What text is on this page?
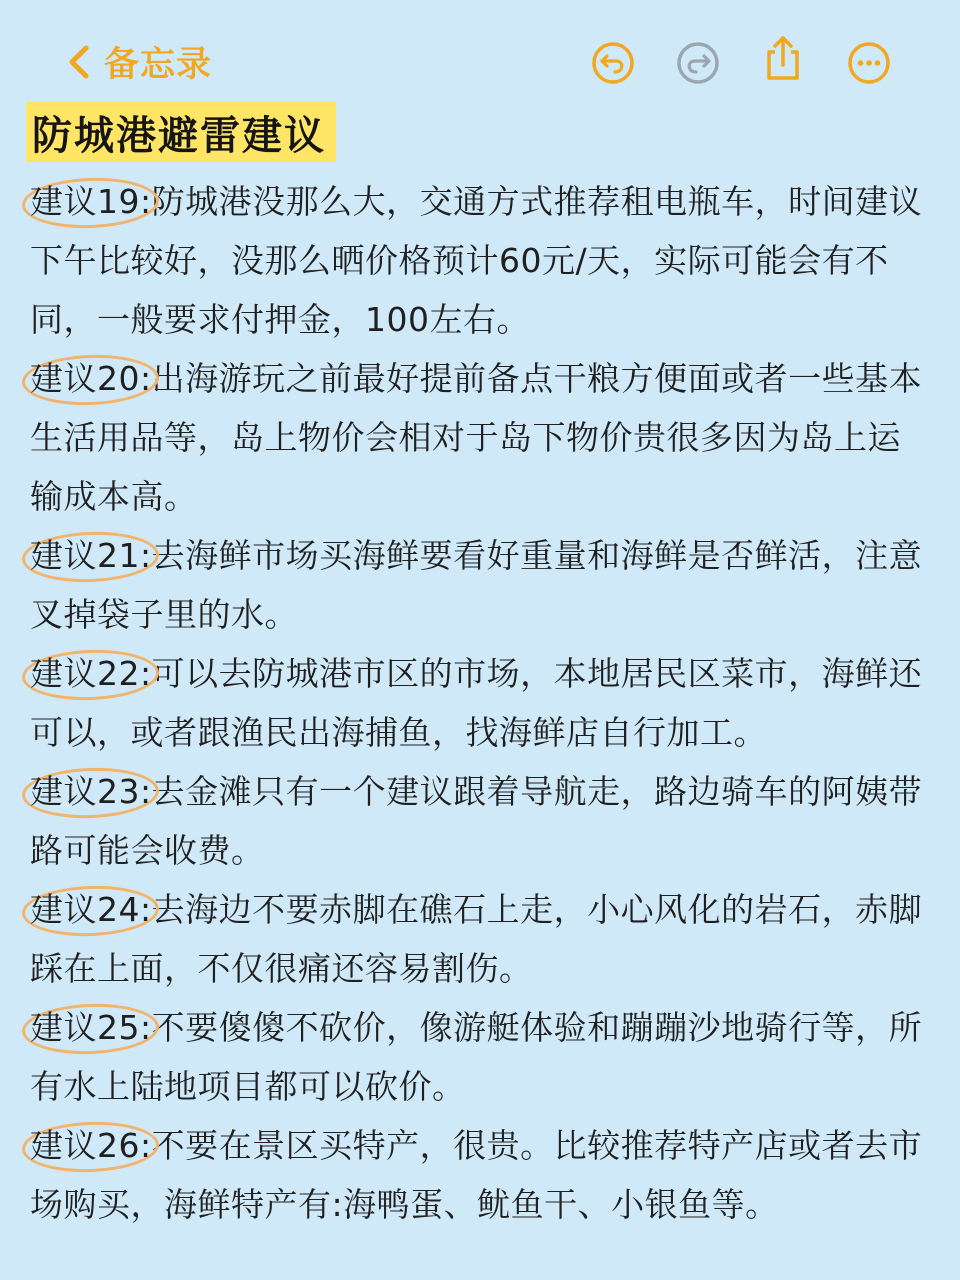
备忘录
防城港避雷建议

建议19:防城港没那么大，交通方式推荐租电瓶车，时间建议下午比较好，没那么晒价格预计60元/天，实际可能会有不同，一般要求付押金，100左右。

建议20:出海游玩之前最好提前备点干粮方便面或者一些基本生活用品等，岛上物价会相对于岛下物价贵很多因为岛上运输成本高。

建议21:去海鲜市场买海鲜要看好重量和海鲜是否鲜活，注意叉掉袋子里的水。

建议22:可以去防城港市区的市场，本地居民区菜市，海鲜还可以，或者跟渔民出海捕鱼，找海鲜店自行加工。

建议23:去金滩只有一个建议跟着导航走，路边骑车的阿姨带路可能会收费。

建议24:去海边不要赤脚在礁石上走，小心风化的岩石，赤脚踩在上面，不仅很痛还容易割伤。

建议25:不要傻傻不砍价，像游艇体验和蹦蹦沙地骑行等，所有水上陆地项目都可以砍价。

建议26:不要在景区买特产，很贵。比较推荐特产店或者去市场购买，海鲜特产有:海鸭蛋、鱿鱼干、小银鱼等。
